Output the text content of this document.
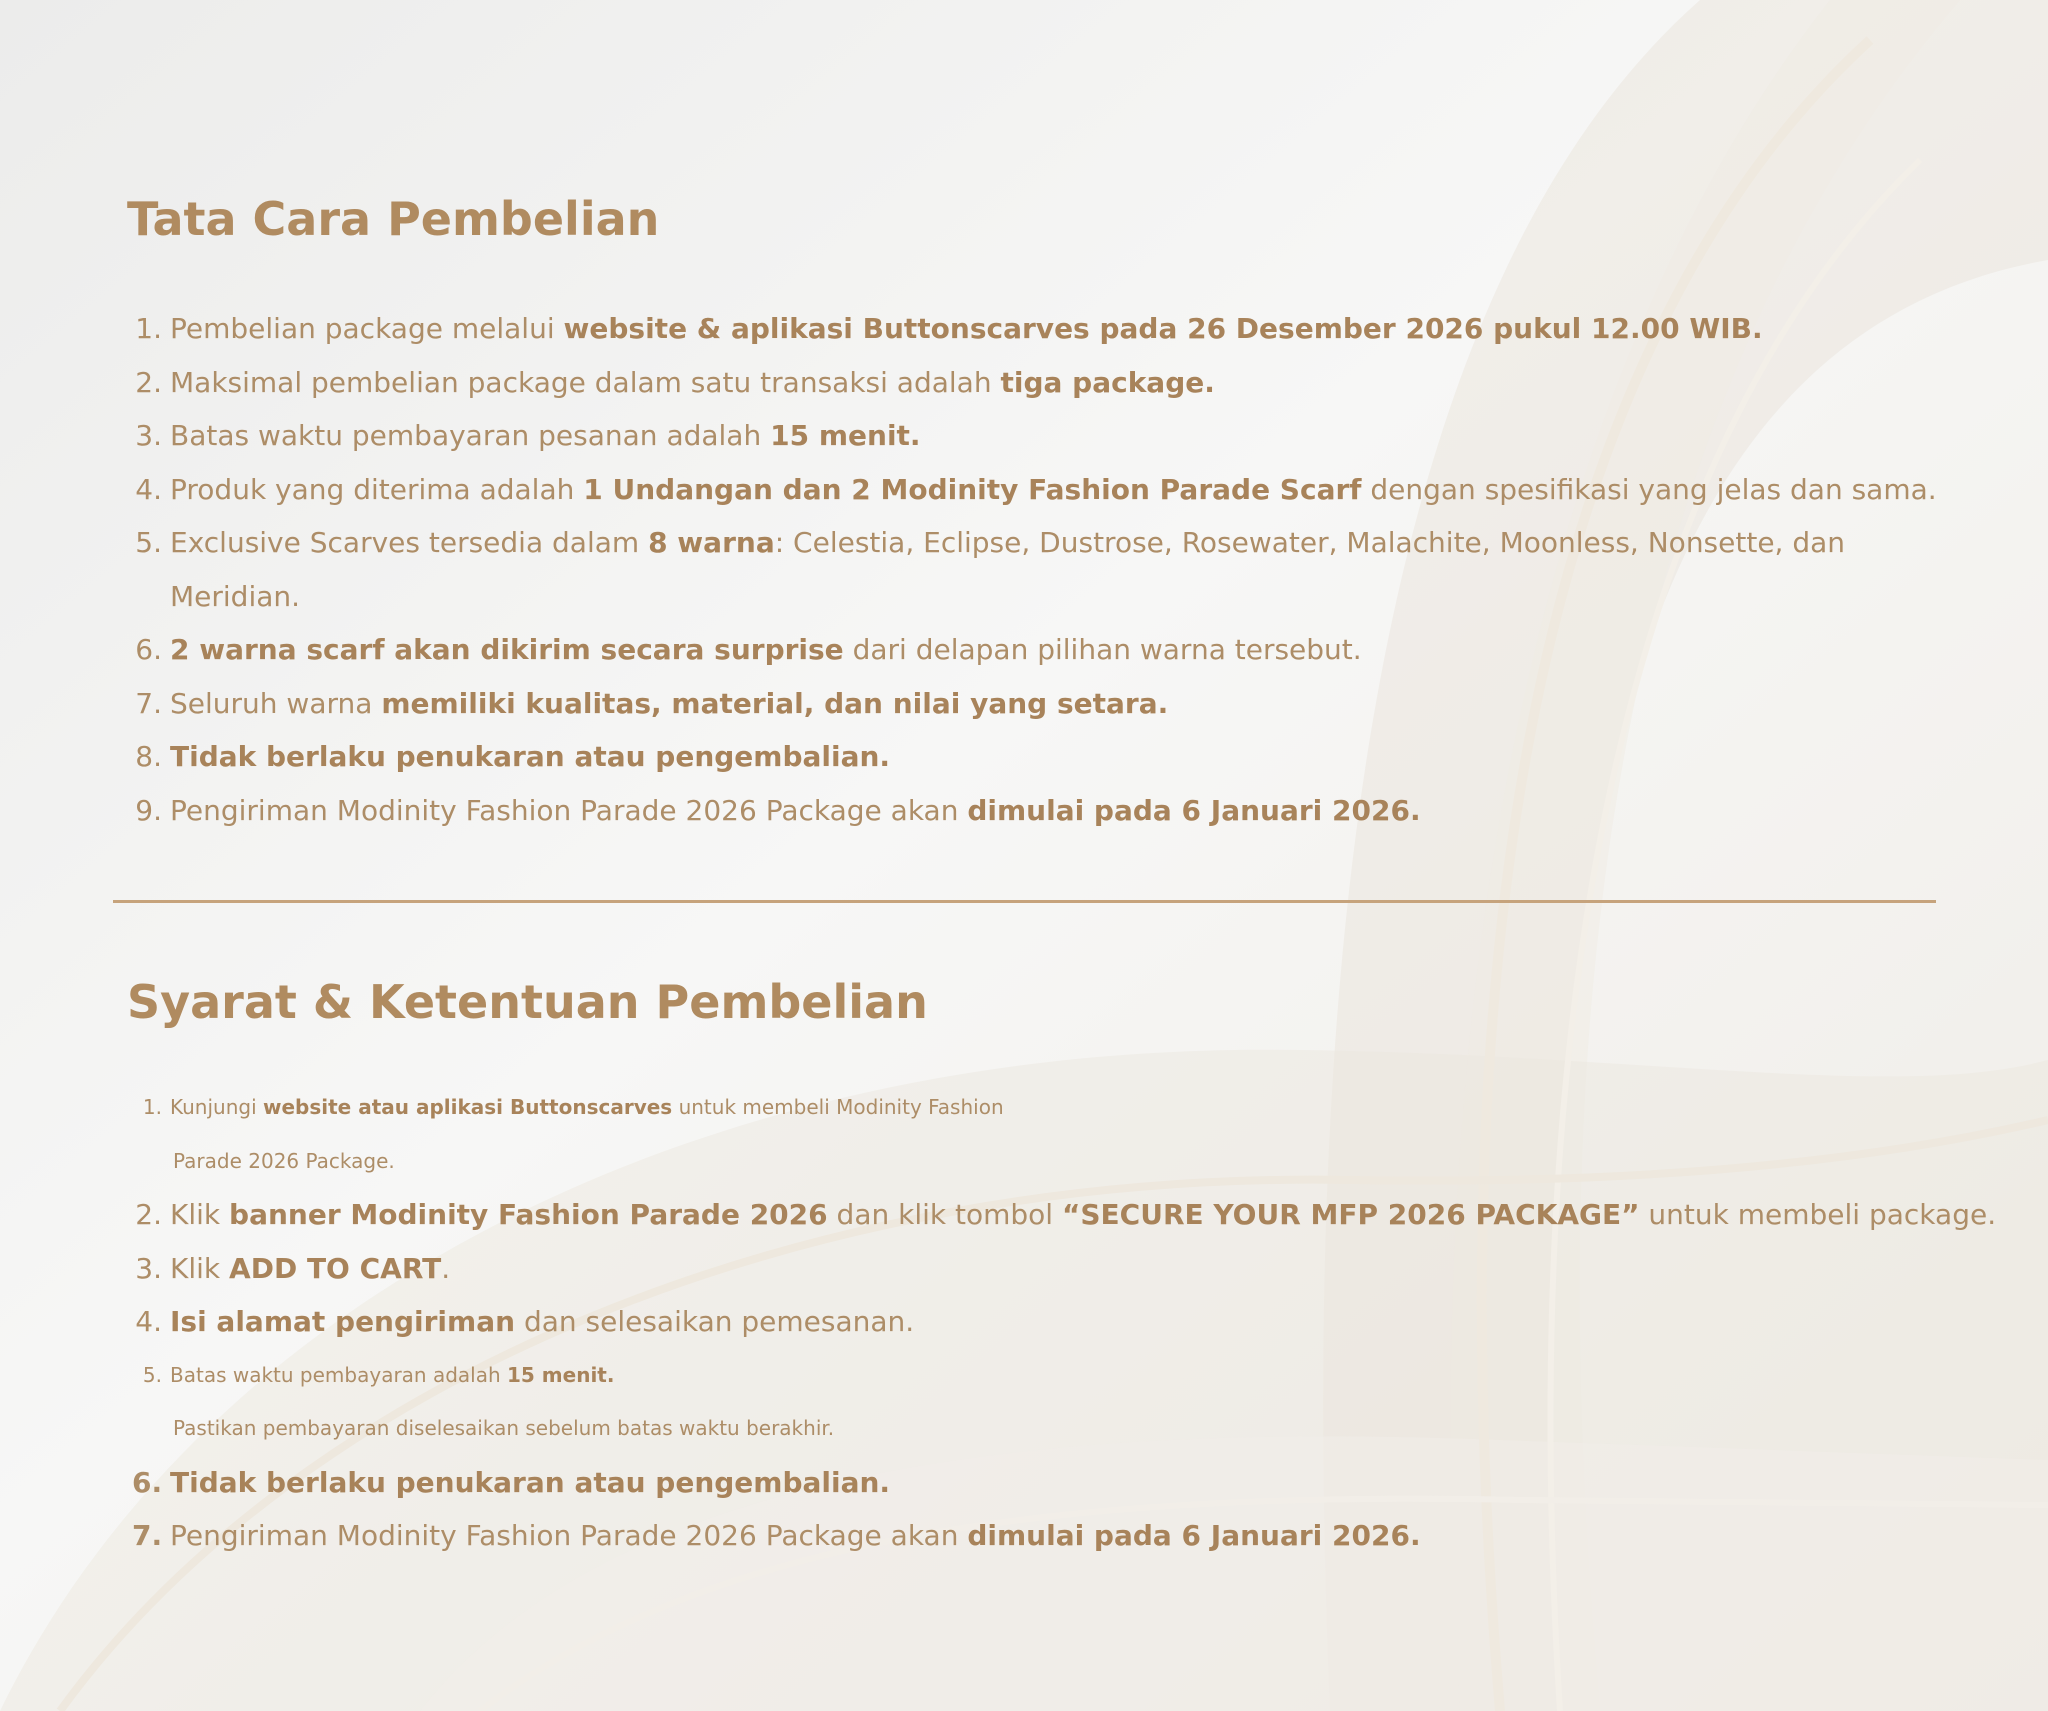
Tata Cara Pembelian
1. Pembelian package melalui website & aplikasi Buttonscarves pada 26 Desember 2026 pukul 12.00 WIB.
2. Maksimal pembelian package dalam satu transaksi adalah tiga package.
3. Batas waktu pembayaran pesanan adalah 15 menit.
4. Produk yang diterima adalah 1 Undangan dan 2 Modinity Fashion Parade Scarf dengan spesifikasi yang jelas dan sama.
5. Exclusive Scarves tersedia dalam 8 warna: Celestia, Eclipse, Dustrose, Rosewater, Malachite, Moonless, Nonsette, dan
Meridian.
6. 2 warna scarf akan dikirim secara surprise dari delapan pilihan warna tersebut.
7. Seluruh warna memiliki kualitas, material, dan nilai yang setara.
8. Tidak berlaku penukaran atau pengembalian.
9. Pengiriman Modinity Fashion Parade 2026 Package akan dimulai pada 6 Januari 2026.
Syarat & Ketentuan Pembelian
1. Kunjungi website atau aplikasi Buttonscarves untuk membeli Modinity Fashion
Parade 2026 Package.
2. Klik banner Modinity Fashion Parade 2026 dan klik tombol “SECURE YOUR MFP 2026 PACKAGE” untuk membeli package.
3. Klik ADD TO CART.
4. Isi alamat pengiriman dan selesaikan pemesanan.
5. Batas waktu pembayaran adalah 15 menit.
Pastikan pembayaran diselesaikan sebelum batas waktu berakhir.
6. Tidak berlaku penukaran atau pengembalian.
7. Pengiriman Modinity Fashion Parade 2026 Package akan dimulai pada 6 Januari 2026.
